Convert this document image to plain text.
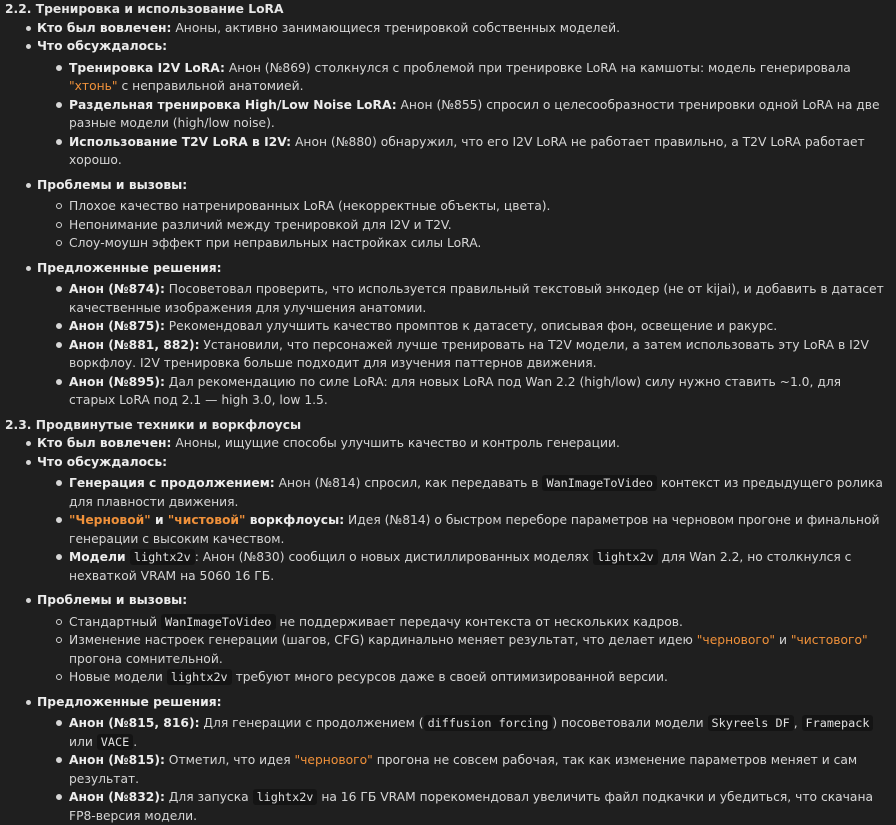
2.2. Тренировка и использование LoRA
Кто был вовлечен: Аноны, активно занимающиеся тренировкой собственных моделей.
Что обсуждалось:
Тренировка I2V LoRA: Анон (№869) столкнулся с проблемой при тренировке LoRA на камшоты: модель генерировала "хтонь" с неправильной анатомией.
Раздельная тренировка High/Low Noise LoRA: Анон (№855) спросил о целесообразности тренировки одной LoRA на две разные модели (high/low noise).
Использование T2V LoRA в I2V: Анон (№880) обнаружил, что его I2V LoRA не работает правильно, а T2V LoRA работает хорошо.
Проблемы и вызовы:
Плохое качество натренированных LoRA (некорректные объекты, цвета).
Непонимание различий между тренировкой для I2V и T2V.
Слоу-моушн эффект при неправильных настройках силы LoRA.
Предложенные решения:
Анон (№874): Посоветовал проверить, что используется правильный текстовый энкодер (не от kijai), и добавить в датасет качественные изображения для улучшения анатомии.
Анон (№875): Рекомендовал улучшить качество промптов к датасету, описывая фон, освещение и ракурс.
Анон (№881, 882): Установили, что персонажей лучше тренировать на T2V модели, а затем использовать эту LoRA в I2V воркфлоу. I2V тренировка больше подходит для изучения паттернов движения.
Анон (№895): Дал рекомендацию по силе LoRA: для новых LoRA под Wan 2.2 (high/low) силу нужно ставить ~1.0, для старых LoRA под 2.1 — high 3.0, low 1.5.
2.3. Продвинутые техники и воркфлоусы
Кто был вовлечен: Аноны, ищущие способы улучшить качество и контроль генерации.
Что обсуждалось:
Генерация с продолжением: Анон (№814) спросил, как передавать в WanImageToVideo контекст из предыдущего ролика для плавности движения.
"Черновой" и "чистовой" воркфлоусы: Идея (№814) о быстром переборе параметров на черновом прогоне и финальной генерации с высоким качеством.
Модели lightx2v : Анон (№830) сообщил о новых дистиллированных моделях lightx2v для Wan 2.2, но столкнулся с нехваткой VRAM на 5060 16 ГБ.
Проблемы и вызовы:
Стандартный WanImageToVideo не поддерживает передачу контекста от нескольких кадров.
Изменение настроек генерации (шагов, CFG) кардинально меняет результат, что делает идею "чернового" и "чистового" прогона сомнительной.
Новые модели lightx2v требуют много ресурсов даже в своей оптимизированной версии.
Предложенные решения:
Анон (№815, 816): Для генерации с продолжением ( diffusion forcing ) посоветовали модели Skyreels DF , Framepack или VACE .
Анон (№815): Отметил, что идея "чернового" прогона не совсем рабочая, так как изменение параметров меняет и сам результат.
Анон (№832): Для запуска lightx2v на 16 ГБ VRAM порекомендовал увеличить файл подкачки и убедиться, что скачана FP8-версия модели.
